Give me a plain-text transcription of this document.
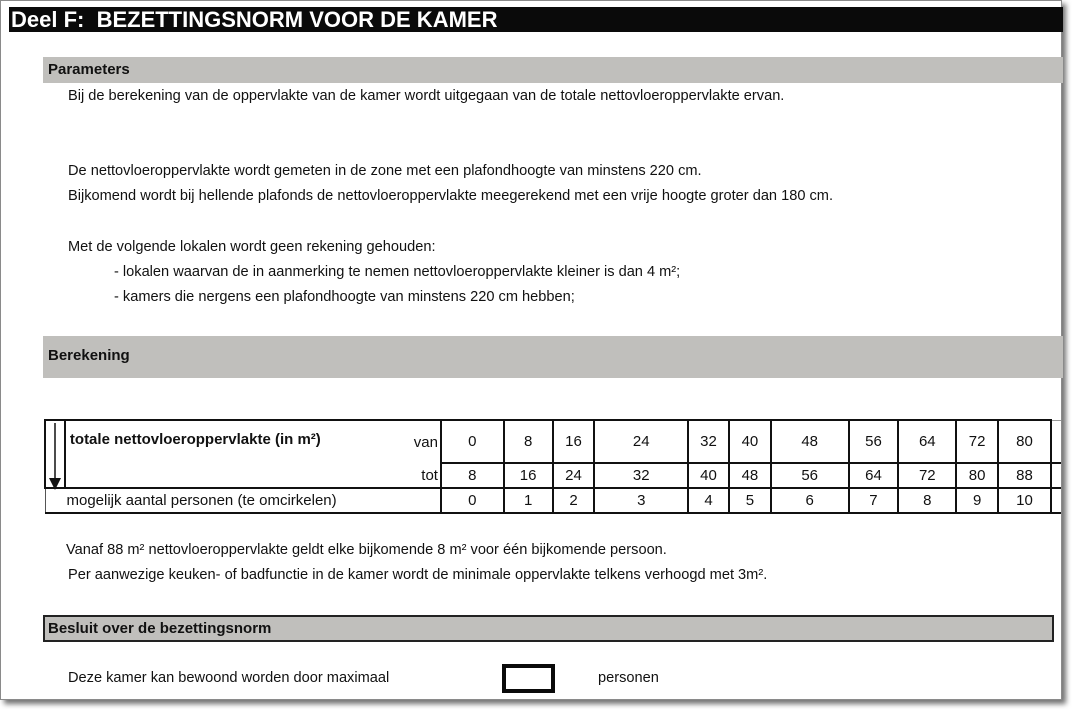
Deel F:  BEZETTINGSNORM VOOR DE KAMER
Parameters
Bij de berekening van de oppervlakte van de kamer wordt uitgegaan van de totale nettovloeroppervlakte ervan.
De nettovloeroppervlakte wordt gemeten in de zone met een plafondhoogte van minstens 220 cm.
Bijkomend wordt bij hellende plafonds de nettovloeroppervlakte meegerekend met een vrije hoogte groter dan 180 cm.
Met de volgende lokalen wordt geen rekening gehouden:
- lokalen waarvan de in aanmerking te nemen nettovloeroppervlakte kleiner is dan 4 m²;
- kamers die nergens een plafondhoogte van minstens 220 cm hebben;
Berekening
	totale nettovloeroppervlakte (in m²)	van	0	8	16	24	32	40	48	56	64	72	80	
		tot	8	16	24	32	40	48	56	64	72	80	88	
mogelijk aantal personen (te omcirkelen)			0	1	2	3	4	5	6	7	8	9	10	
Vanaf 88 m² nettovloeroppervlakte geldt elke bijkomende 8 m² voor één bijkomende persoon.
Per aanwezige keuken- of badfunctie in de kamer wordt de minimale oppervlakte telkens verhoogd met 3m².
Besluit over de bezettingsnorm
Deze kamer kan bewoond worden door maximaal	personen
